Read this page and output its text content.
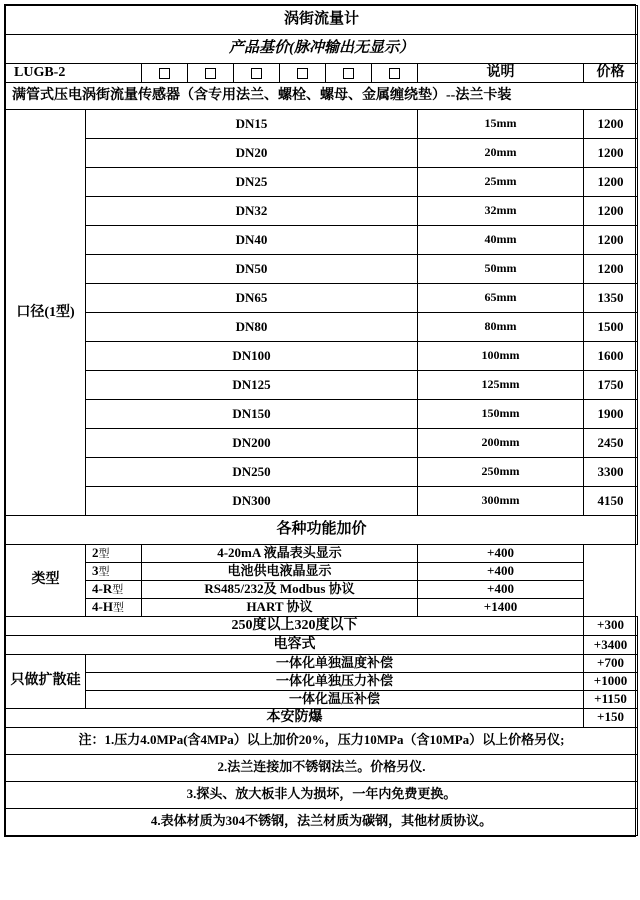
涡街流量计									
产品基价(脉冲输出无显示）									
LUGB-2								说明	价格
满管式压电涡街流量传感器（含专用法兰、螺栓、螺母、金属缠绕垫）--法兰卡装									
口径(1型)	DN15							15mm	1200
	DN20							20mm	1200
	DN25							25mm	1200
	DN32							32mm	1200
	DN40							40mm	1200
	DN50							50mm	1200
	DN65							65mm	1350
	DN80							80mm	1500
	DN100							100mm	1600
	DN125							125mm	1750
	DN150							150mm	1900
	DN200							200mm	2450
	DN250							250mm	3300
	DN300							300mm	4150
各种功能加价									
类型	2型	4-20mA 液晶表头显示						+400	
	3型	电池供电液晶显示						+400	
	4-R型	RS485/232及 Modbus 协议						+400	
	4-H型	HART 协议						+1400	
250度以上320度以下									+300
电容式									+3400
只做扩散硅	一体化单独温度补偿								+700
	一体化单独压力补偿								+1000
	一体化温压补偿								+1150
本安防爆									+150
注：1.压力4.0MPa(含4MPa）以上加价20%，压力10MPa（含10MPa）以上价格另仪;									
2.法兰连接加不锈钢法兰。价格另仪.									
3.探头、放大板非人为损坏，一年内免费更换。									
4.表体材质为304不锈钢，法兰材质为碳钢，其他材质协议。									
